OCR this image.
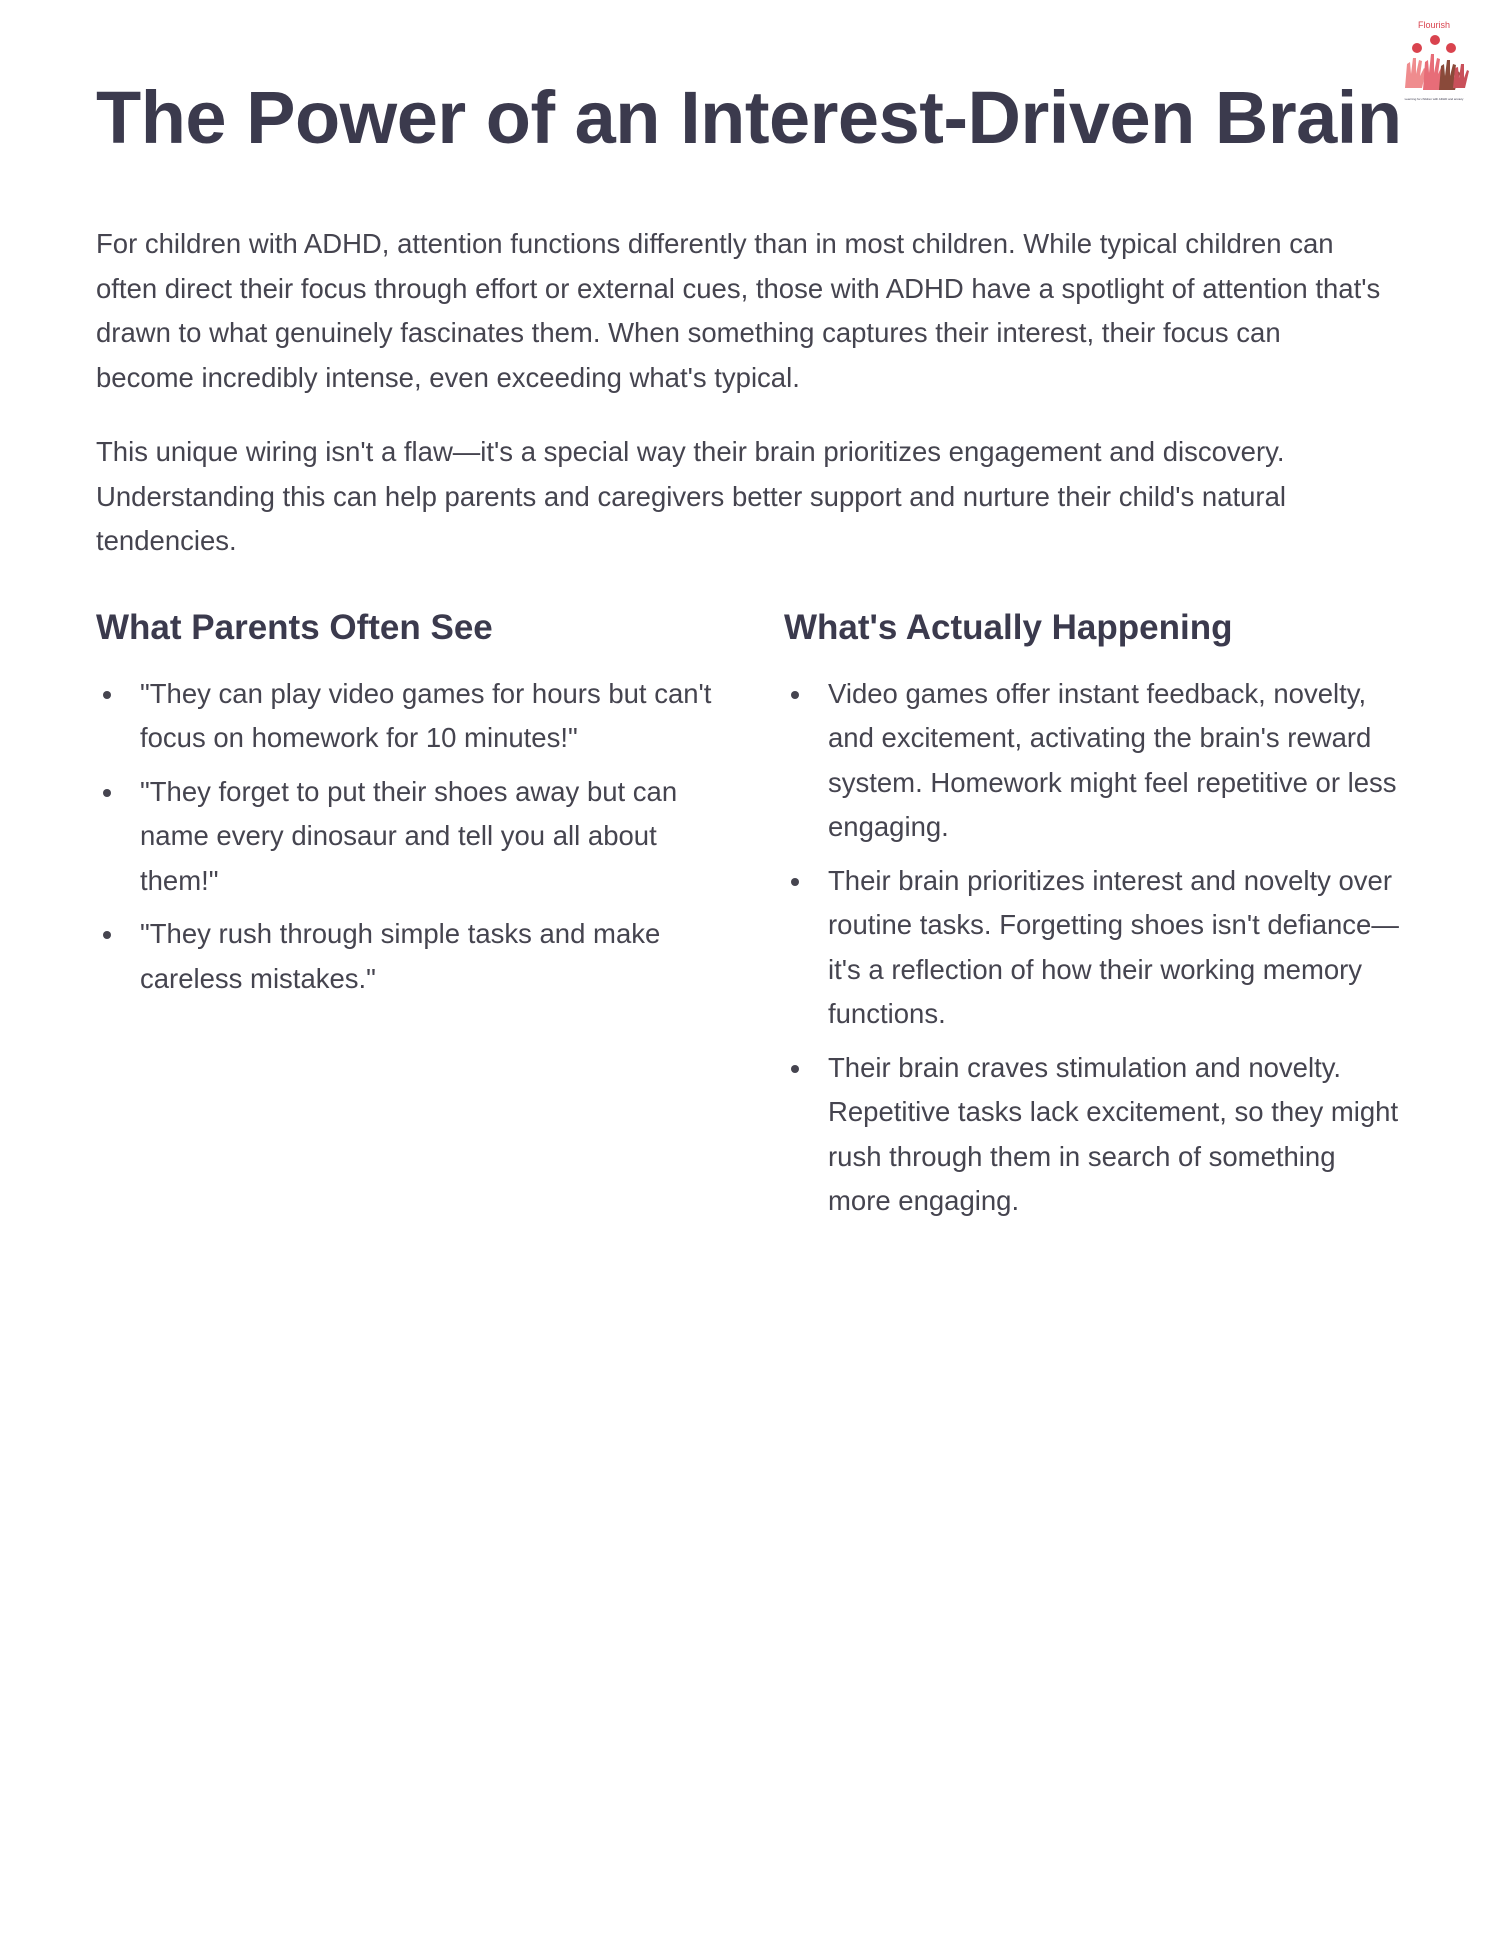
Flourish
Learning for children with ADHD and anxiety
The Power of an Interest-Driven Brain

For children with ADHD, attention functions differently than in most children. While typical children can often direct their focus through effort or external cues, those with ADHD have a spotlight of attention that's drawn to what genuinely fascinates them. When something captures their interest, their focus can become incredibly intense, even exceeding what's typical.

This unique wiring isn't a flaw—it's a special way their brain prioritizes engagement and discovery. Understanding this can help parents and caregivers better support and nurture their child's natural tendencies.

What Parents Often See
"They can play video games for hours but can't focus on homework for 10 minutes!"
"They forget to put their shoes away but can name every dinosaur and tell you all about them!"
"They rush through simple tasks and make careless mistakes."
What's Actually Happening
Video games offer instant feedback, novelty, and excitement, activating the brain's reward system. Homework might feel repetitive or less engaging.
Their brain prioritizes interest and novelty over routine tasks. Forgetting shoes isn't defiance—it's a reflection of how their working memory functions.
Their brain craves stimulation and novelty. Repetitive tasks lack excitement, so they might rush through them in search of something more engaging.
